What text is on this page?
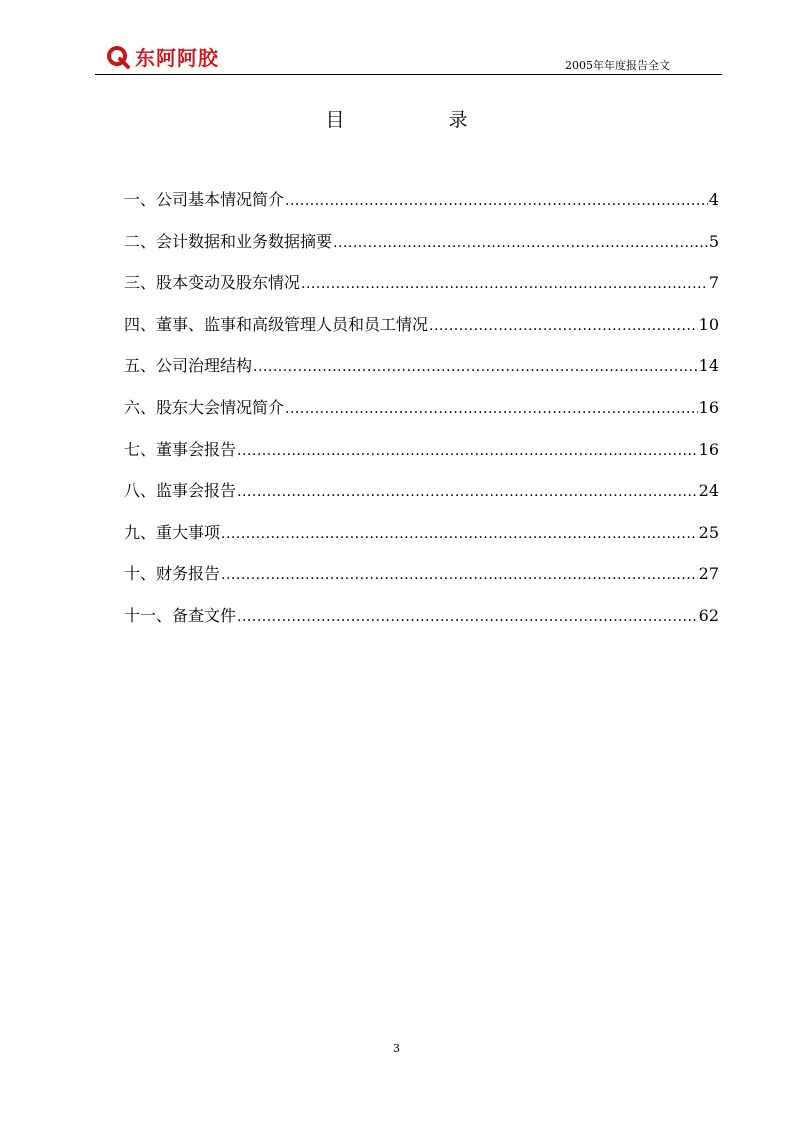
东阿阿胶	2005年年度报告全文
目	录
一、公司基本情况简介 .....	4
二、会计数据和业务数据摘要 .....	5
三、股本变动及股东情况 .....	7
四、董事、监事和高级管理人员和员工情况 .....	10
五、公司治理结构 .....	14
六、股东大会情况简介 .....	16
七、董事会报告 .....	16
八、监事会报告 .....	24
九、重大事项 .....	25
十、财务报告 .....	27
十一、备查文件 .....	62
3
